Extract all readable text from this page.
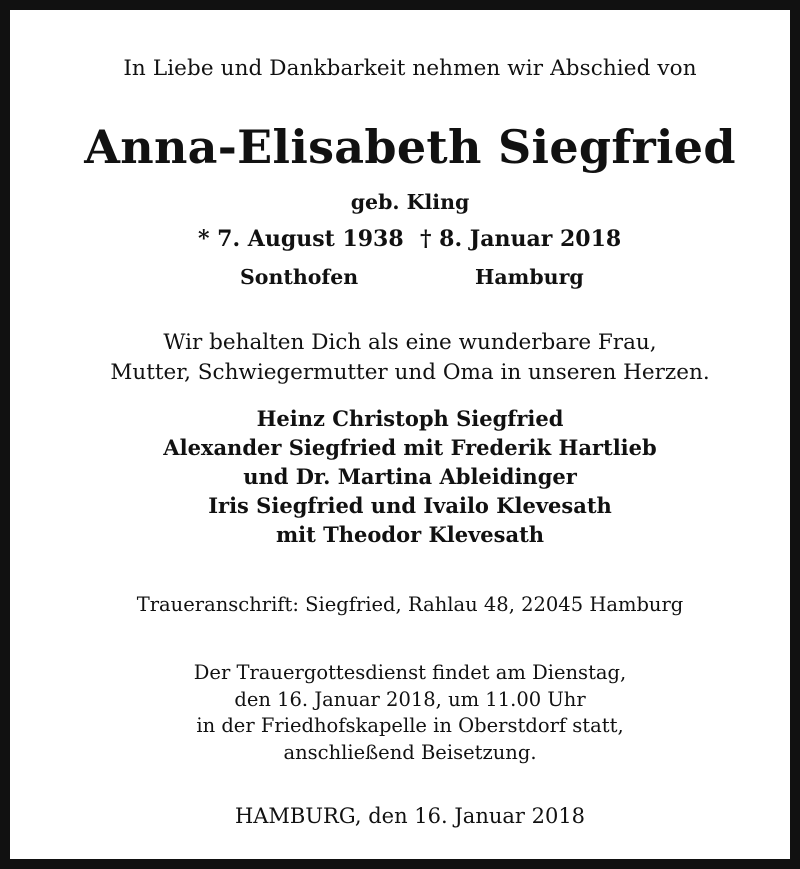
In Liebe und Dankbarkeit nehmen wir Abschied von
Anna-Elisabeth Siegfried
geb. Kling
* 7. August 1938 † 8. Januar 2018
Sonthofen	Hamburg
Wir behalten Dich als eine wunderbare Frau,
Mutter, Schwiegermutter und Oma in unseren Herzen.
Heinz Christoph Siegfried
Alexander Siegfried mit Frederik Hartlieb
und Dr. Martina Ableidinger
Iris Siegfried und Ivailo Klevesath
mit Theodor Klevesath
Traueranschrift: Siegfried, Rahlau 48, 22045 Hamburg
Der Trauergottesdienst findet am Dienstag,
den 16. Januar 2018, um 11.00 Uhr
in der Friedhofskapelle in Oberstdorf statt,
anschließend Beisetzung.
HAMBURG, den 16. Januar 2018
